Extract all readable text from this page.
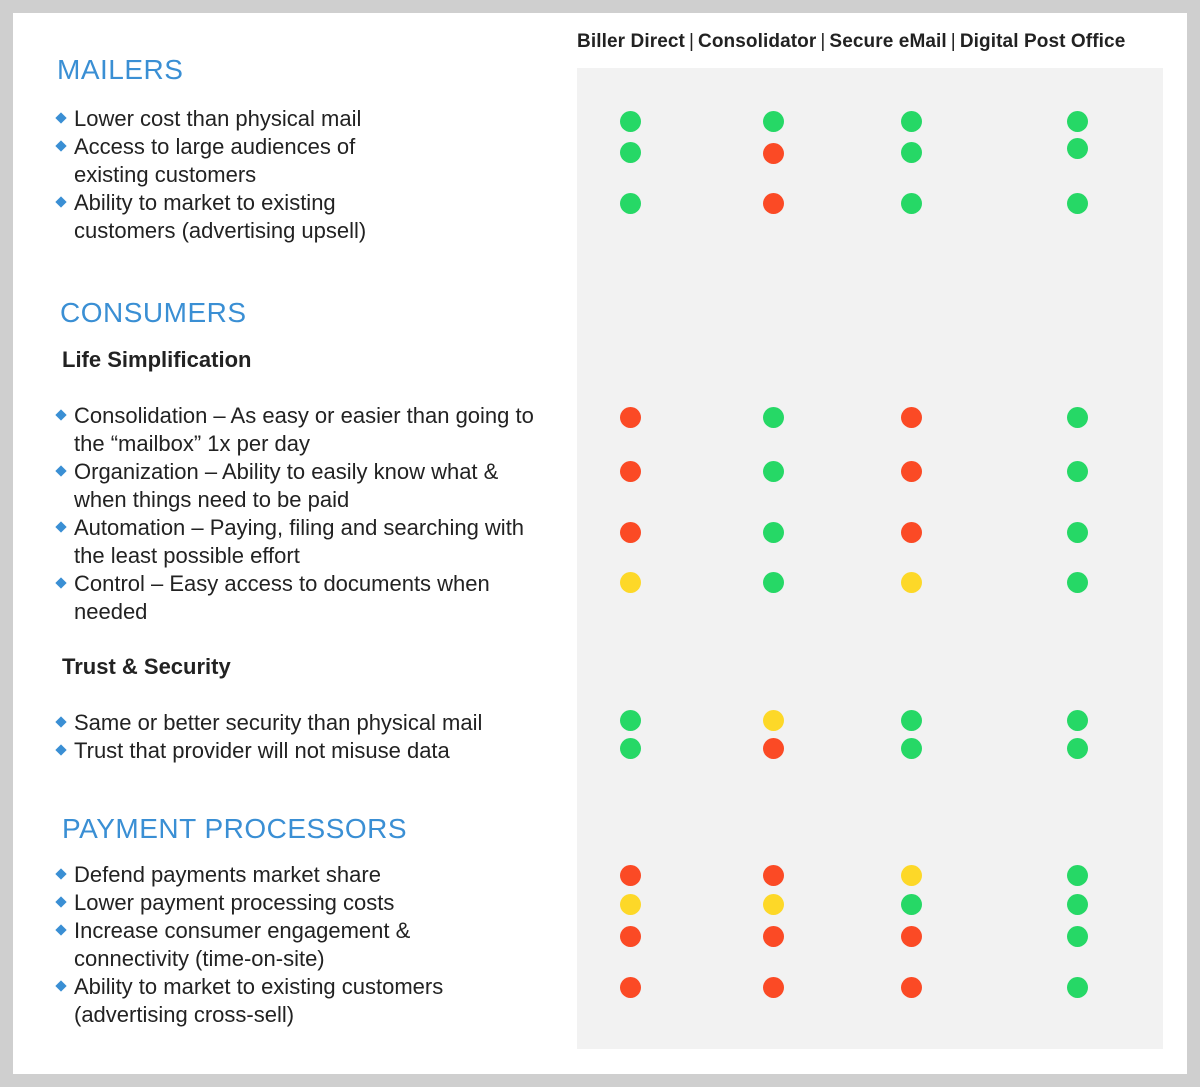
Biller Direct | Consolidator | Secure eMail | Digital Post Office
MAILERS
CONSUMERS
Life Simplification
Trust & Security
PAYMENT PROCESSORS
Lower cost than physical mail
Access to large audiences of existing customers
Ability to market to existing customers (advertising upsell)
Consolidation – As easy or easier than going to the “mailbox” 1x per day
Organization – Ability to easily know what & when things need to be paid
Automation – Paying, filing and searching with the least possible effort
Control – Easy access to documents when needed
Same or better security than physical mail
Trust that provider will not misuse data
Defend payments market share
Lower payment processing costs
Increase consumer engagement & connectivity (time-on-site)
Ability to market to existing customers (advertising cross-sell)
